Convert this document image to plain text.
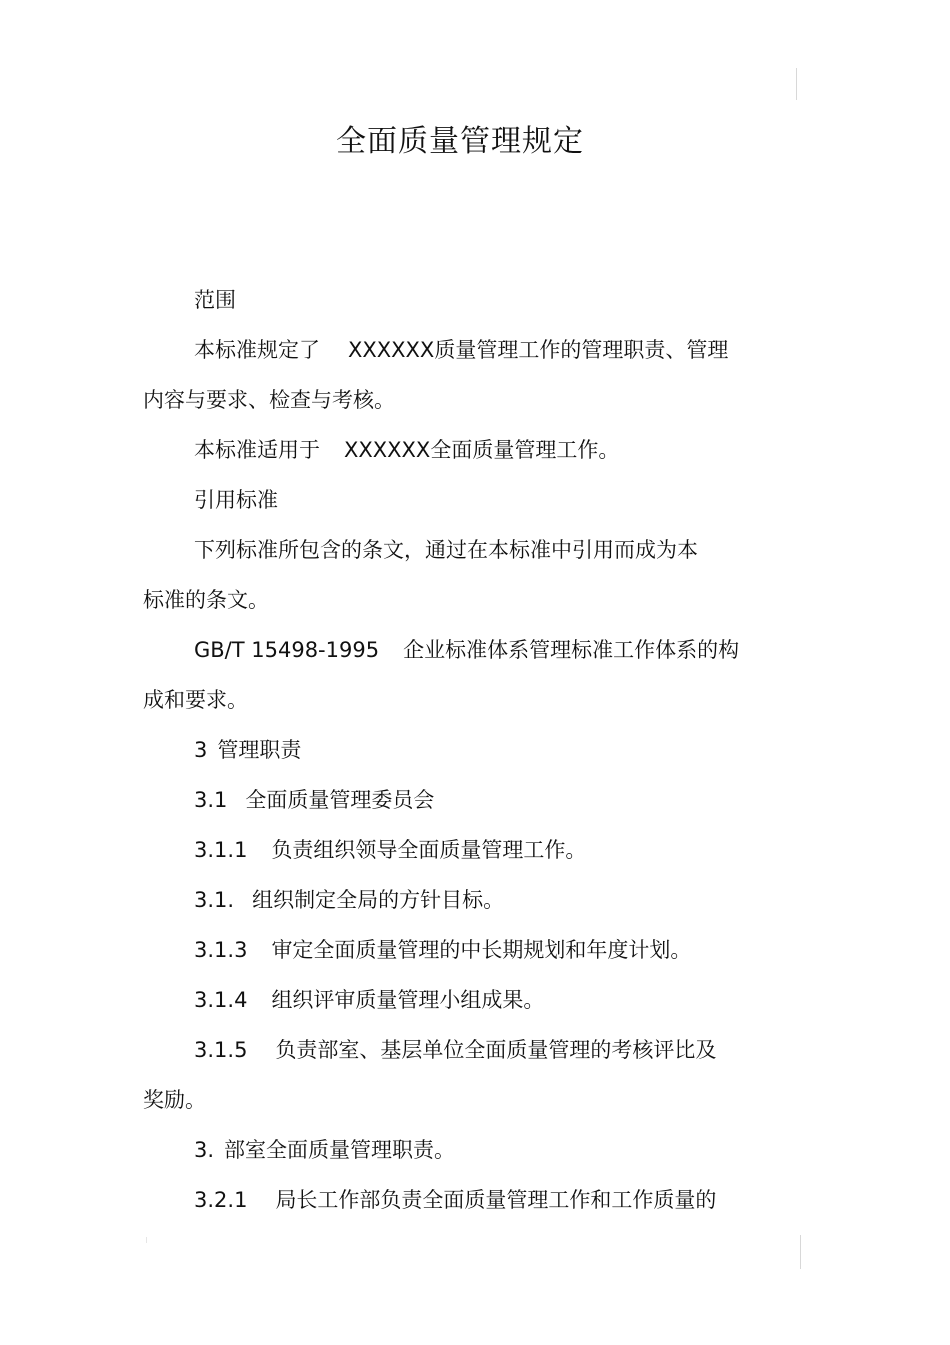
全面质量管理规定
范围
本标准规定了 XXXXXX质量管理工作的管理职责、管理
内容与要求、检查与考核。
本标准适用于 XXXXXX全面质量管理工作。
引用标准
下列标准所包含的条文，通过在本标准中引用而成为本
标准的条文。
GB/T 15498-1995 企业标准体系管理标准工作体系的构
成和要求。
3 管理职责
3.1 全面质量管理委员会
3.1.1 负责组织领导全面质量管理工作。
3.1. 组织制定全局的方针目标。
3.1.3 审定全面质量管理的中长期规划和年度计划。
3.1.4 组织评审质量管理小组成果。
3.1.5 负责部室、基层单位全面质量管理的考核评比及
奖励。
3. 部室全面质量管理职责。
3.2.1 局长工作部负责全面质量管理工作和工作质量的
